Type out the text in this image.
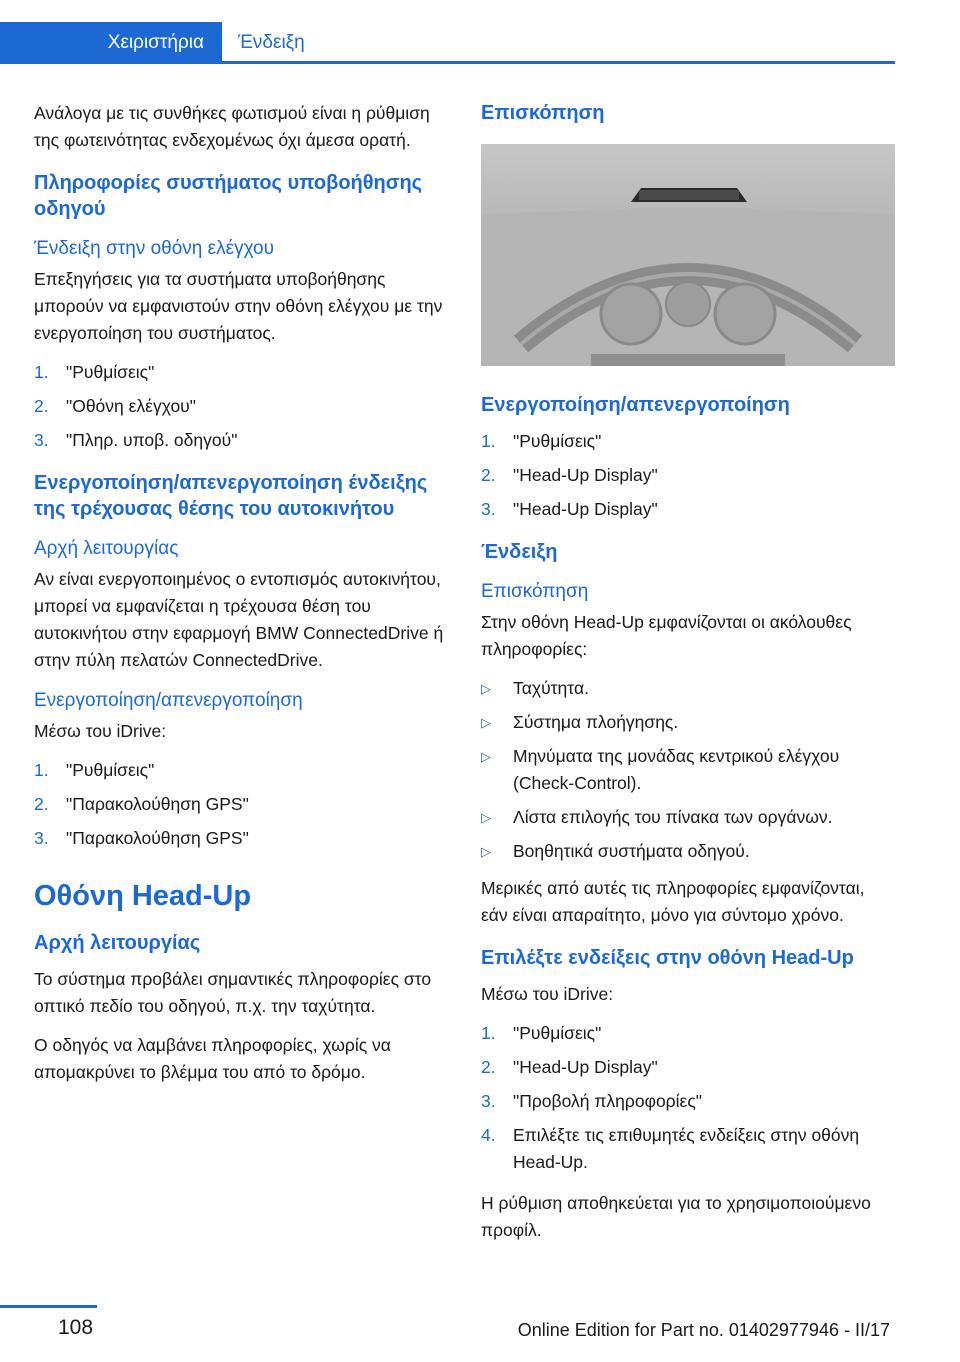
Χειριστήρια	Ένδειξη

Ανάλογα με τις συνθήκες φωτισμού είναι η ρύθμιση της φωτεινότητας ενδεχομένως όχι άμεσα ορατή.

Πληροφορίες συστήματος υποβοήθησης οδηγού
Ένδειξη στην οθόνη ελέγχου

Επεξηγήσεις για τα συστήματα υποβοήθησης μπορούν να εμφανιστούν στην οθόνη ελέγχου με την ενεργοποίηση του συστήματος.

1. "Ρυθμίσεις"
2. "Οθόνη ελέγχου"
3. "Πληρ. υποβ. οδηγού"
Ενεργοποίηση/απενεργοποίηση ένδειξης της τρέχουσας θέσης του αυτοκινήτου
Αρχή λειτουργίας

Αν είναι ενεργοποιημένος ο εντοπισμός αυτοκινήτου, μπορεί να εμφανίζεται η τρέχουσα θέση του αυτοκινήτου στην εφαρμογή BMW ConnectedDrive ή στην πύλη πελατών ConnectedDrive.

Ενεργοποίηση/απενεργοποίηση

Μέσω του iDrive:

1. "Ρυθμίσεις"
2. "Παρακολούθηση GPS"
3. "Παρακολούθηση GPS"
Οθόνη Head-Up
Αρχή λειτουργίας

Το σύστημα προβάλει σημαντικές πληροφορίες στο οπτικό πεδίο του οδηγού, π.χ. την ταχύτητα.

Ο οδηγός να λαμβάνει πληροφορίες, χωρίς να απομακρύνει το βλέμμα του από το δρόμο.

Επισκόπηση
Ενεργοποίηση/απενεργοποίηση
1. "Ρυθμίσεις"
2. "Head-Up Display"
3. "Head-Up Display"
Ένδειξη
Επισκόπηση

Στην οθόνη Head-Up εμφανίζονται οι ακόλουθες πληροφορίες:

▷ Ταχύτητα.
▷ Σύστημα πλοήγησης.
▷ Μηνύματα της μονάδας κεντρικού ελέγχου (Check-Control).
▷ Λίστα επιλογής του πίνακα των οργάνων.
▷ Βοηθητικά συστήματα οδηγού.

Μερικές από αυτές τις πληροφορίες εμφανίζονται, εάν είναι απαραίτητο, μόνο για σύντομο χρόνο.

Επιλέξτε ενδείξεις στην οθόνη Head-Up

Μέσω του iDrive:

1. "Ρυθμίσεις"
2. "Head-Up Display"
3. "Προβολή πληροφορίες"
4. Επιλέξτε τις επιθυμητές ενδείξεις στην οθόνη Head-Up.

Η ρύθμιση αποθηκεύεται για το χρησιμοποιούμενο προφίλ.

108	Online Edition for Part no. 01402977946 - II/17
